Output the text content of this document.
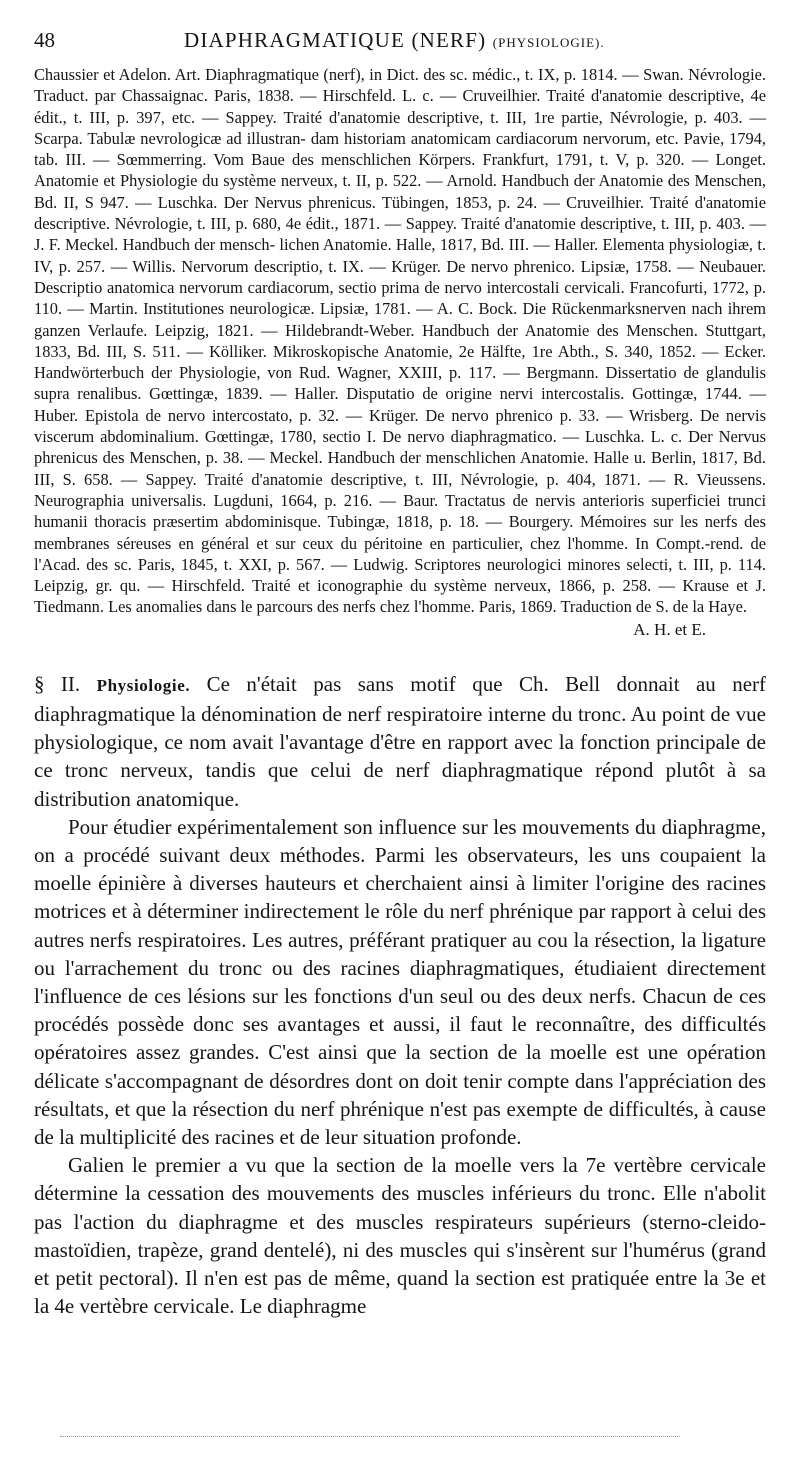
48	DIAPHRAGMATIQUE (NERF) (PHYSIOLOGIE).
Chaussier et Adelon. Art. Diaphragmatique (nerf), in Dict. des sc. médic., t. IX, p. 1814. — Swan. Névrologie. Traduct. par Chassaignac. Paris, 1838. — Hirschfeld. L. c. — Cruveilhier. Traité d'anatomie descriptive, 4e édit., t. III, p. 397, etc. — Sappey. Traité d'anatomie descriptive, t. III, 1re partie, Névrologie, p. 403. — Scarpa. Tabulæ nevrologicæ ad illustran- dam historiam anatomicam cardiacorum nervorum, etc. Pavie, 1794, tab. III. — Sœmmerring. Vom Baue des menschlichen Körpers. Frankfurt, 1791, t. V, p. 320. — Longet. Anatomie et Physiologie du système nerveux, t. II, p. 522. — Arnold. Handbuch der Anatomie des Menschen, Bd. II, S 947. — Luschka. Der Nervus phrenicus. Tübingen, 1853, p. 24. — Cruveilhier. Traité d'anatomie descriptive. Névrologie, t. III, p. 680, 4e édit., 1871. — Sappey. Traité d'anatomie descriptive, t. III, p. 403. — J. F. Meckel. Handbuch der mensch- lichen Anatomie. Halle, 1817, Bd. III. — Haller. Elementa physiologiæ, t. IV, p. 257. — Willis. Nervorum descriptio, t. IX. — Krüger. De nervo phrenico. Lipsiæ, 1758. — Neubauer. Descriptio anatomica nervorum cardiacorum, sectio prima de nervo intercostali cervicali. Francofurti, 1772, p. 110. — Martin. Institutiones neurologicæ. Lipsiæ, 1781. — A. C. Bock. Die Rückenmarksnerven nach ihrem ganzen Verlaufe. Leipzig, 1821. — Hildebrandt-Weber. Handbuch der Anatomie des Menschen. Stuttgart, 1833, Bd. III, S. 511. — Kölliker. Mikroskopische Anatomie, 2e Hälfte, 1re Abth., S. 340, 1852. — Ecker. Handwörterbuch der Physiologie, von Rud. Wagner, XXIII, p. 117. — Bergmann. Dissertatio de glandulis supra renalibus. Gœttingæ, 1839. — Haller. Disputatio de origine nervi intercostalis. Gottingæ, 1744. — Huber. Epistola de nervo intercostato, p. 32. — Krüger. De nervo phrenico p. 33. — Wrisberg. De nervis viscerum abdominalium. Gœttingæ, 1780, sectio I. De nervo diaphragmatico. — Luschka. L. c. Der Nervus phrenicus des Menschen, p. 38. — Meckel. Handbuch der menschlichen Anatomie. Halle u. Berlin, 1817, Bd. III, S. 658. — Sappey. Traité d'anatomie descriptive, t. III, Névrologie, p. 404, 1871. — R. Vieussens. Neurographia universalis. Lugduni, 1664, p. 216. — Baur. Tractatus de nervis anterioris superficiei trunci humanii thoracis præsertim abdominisque. Tubingæ, 1818, p. 18. — Bourgery. Mémoires sur les nerfs des membranes séreuses en général et sur ceux du péritoine en particulier, chez l'homme. In Compt.-rend. de l'Acad. des sc. Paris, 1845, t. XXI, p. 567. — Ludwig. Scriptores neurologici minores selecti, t. III, p. 114. Leipzig, gr. qu. — Hirschfeld. Traité et iconographie du système nerveux, 1866, p. 258. — Krause et J. Tiedmann. Les anomalies dans le parcours des nerfs chez l'homme. Paris, 1869. Traduction de S. de la Haye.
A. H. et E.

§ II. Physiologie. Ce n'était pas sans motif que Ch. Bell donnait au nerf diaphragmatique la dénomination de nerf respiratoire interne du tronc. Au point de vue physiologique, ce nom avait l'avantage d'être en rapport avec la fonction principale de ce tronc nerveux, tandis que celui de nerf diaphragmatique répond plutôt à sa distribution anatomique.

Pour étudier expérimentalement son influence sur les mouvements du diaphragme, on a procédé suivant deux méthodes. Parmi les observateurs, les uns coupaient la moelle épinière à diverses hauteurs et cherchaient ainsi à limiter l'origine des racines motrices et à déterminer indirectement le rôle du nerf phrénique par rapport à celui des autres nerfs respiratoires. Les autres, préférant pratiquer au cou la résection, la ligature ou l'arrachement du tronc ou des racines diaphragmatiques, étudiaient directement l'influence de ces lésions sur les fonctions d'un seul ou des deux nerfs. Chacun de ces procédés possède donc ses avantages et aussi, il faut le reconnaître, des difficultés opératoires assez grandes. C'est ainsi que la section de la moelle est une opération délicate s'accompagnant de désordres dont on doit tenir compte dans l'appréciation des résultats, et que la résection du nerf phrénique n'est pas exempte de difficultés, à cause de la multiplicité des racines et de leur situation profonde.

Galien le premier a vu que la section de la moelle vers la 7e vertèbre cervicale détermine la cessation des mouvements des muscles inférieurs du tronc. Elle n'abolit pas l'action du diaphragme et des muscles respirateurs supérieurs (sterno-cleido-mastoïdien, trapèze, grand dentelé), ni des muscles qui s'insèrent sur l'humérus (grand et petit pectoral). Il n'en est pas de même, quand la section est pratiquée entre la 3e et la 4e vertèbre cervicale. Le diaphragme
